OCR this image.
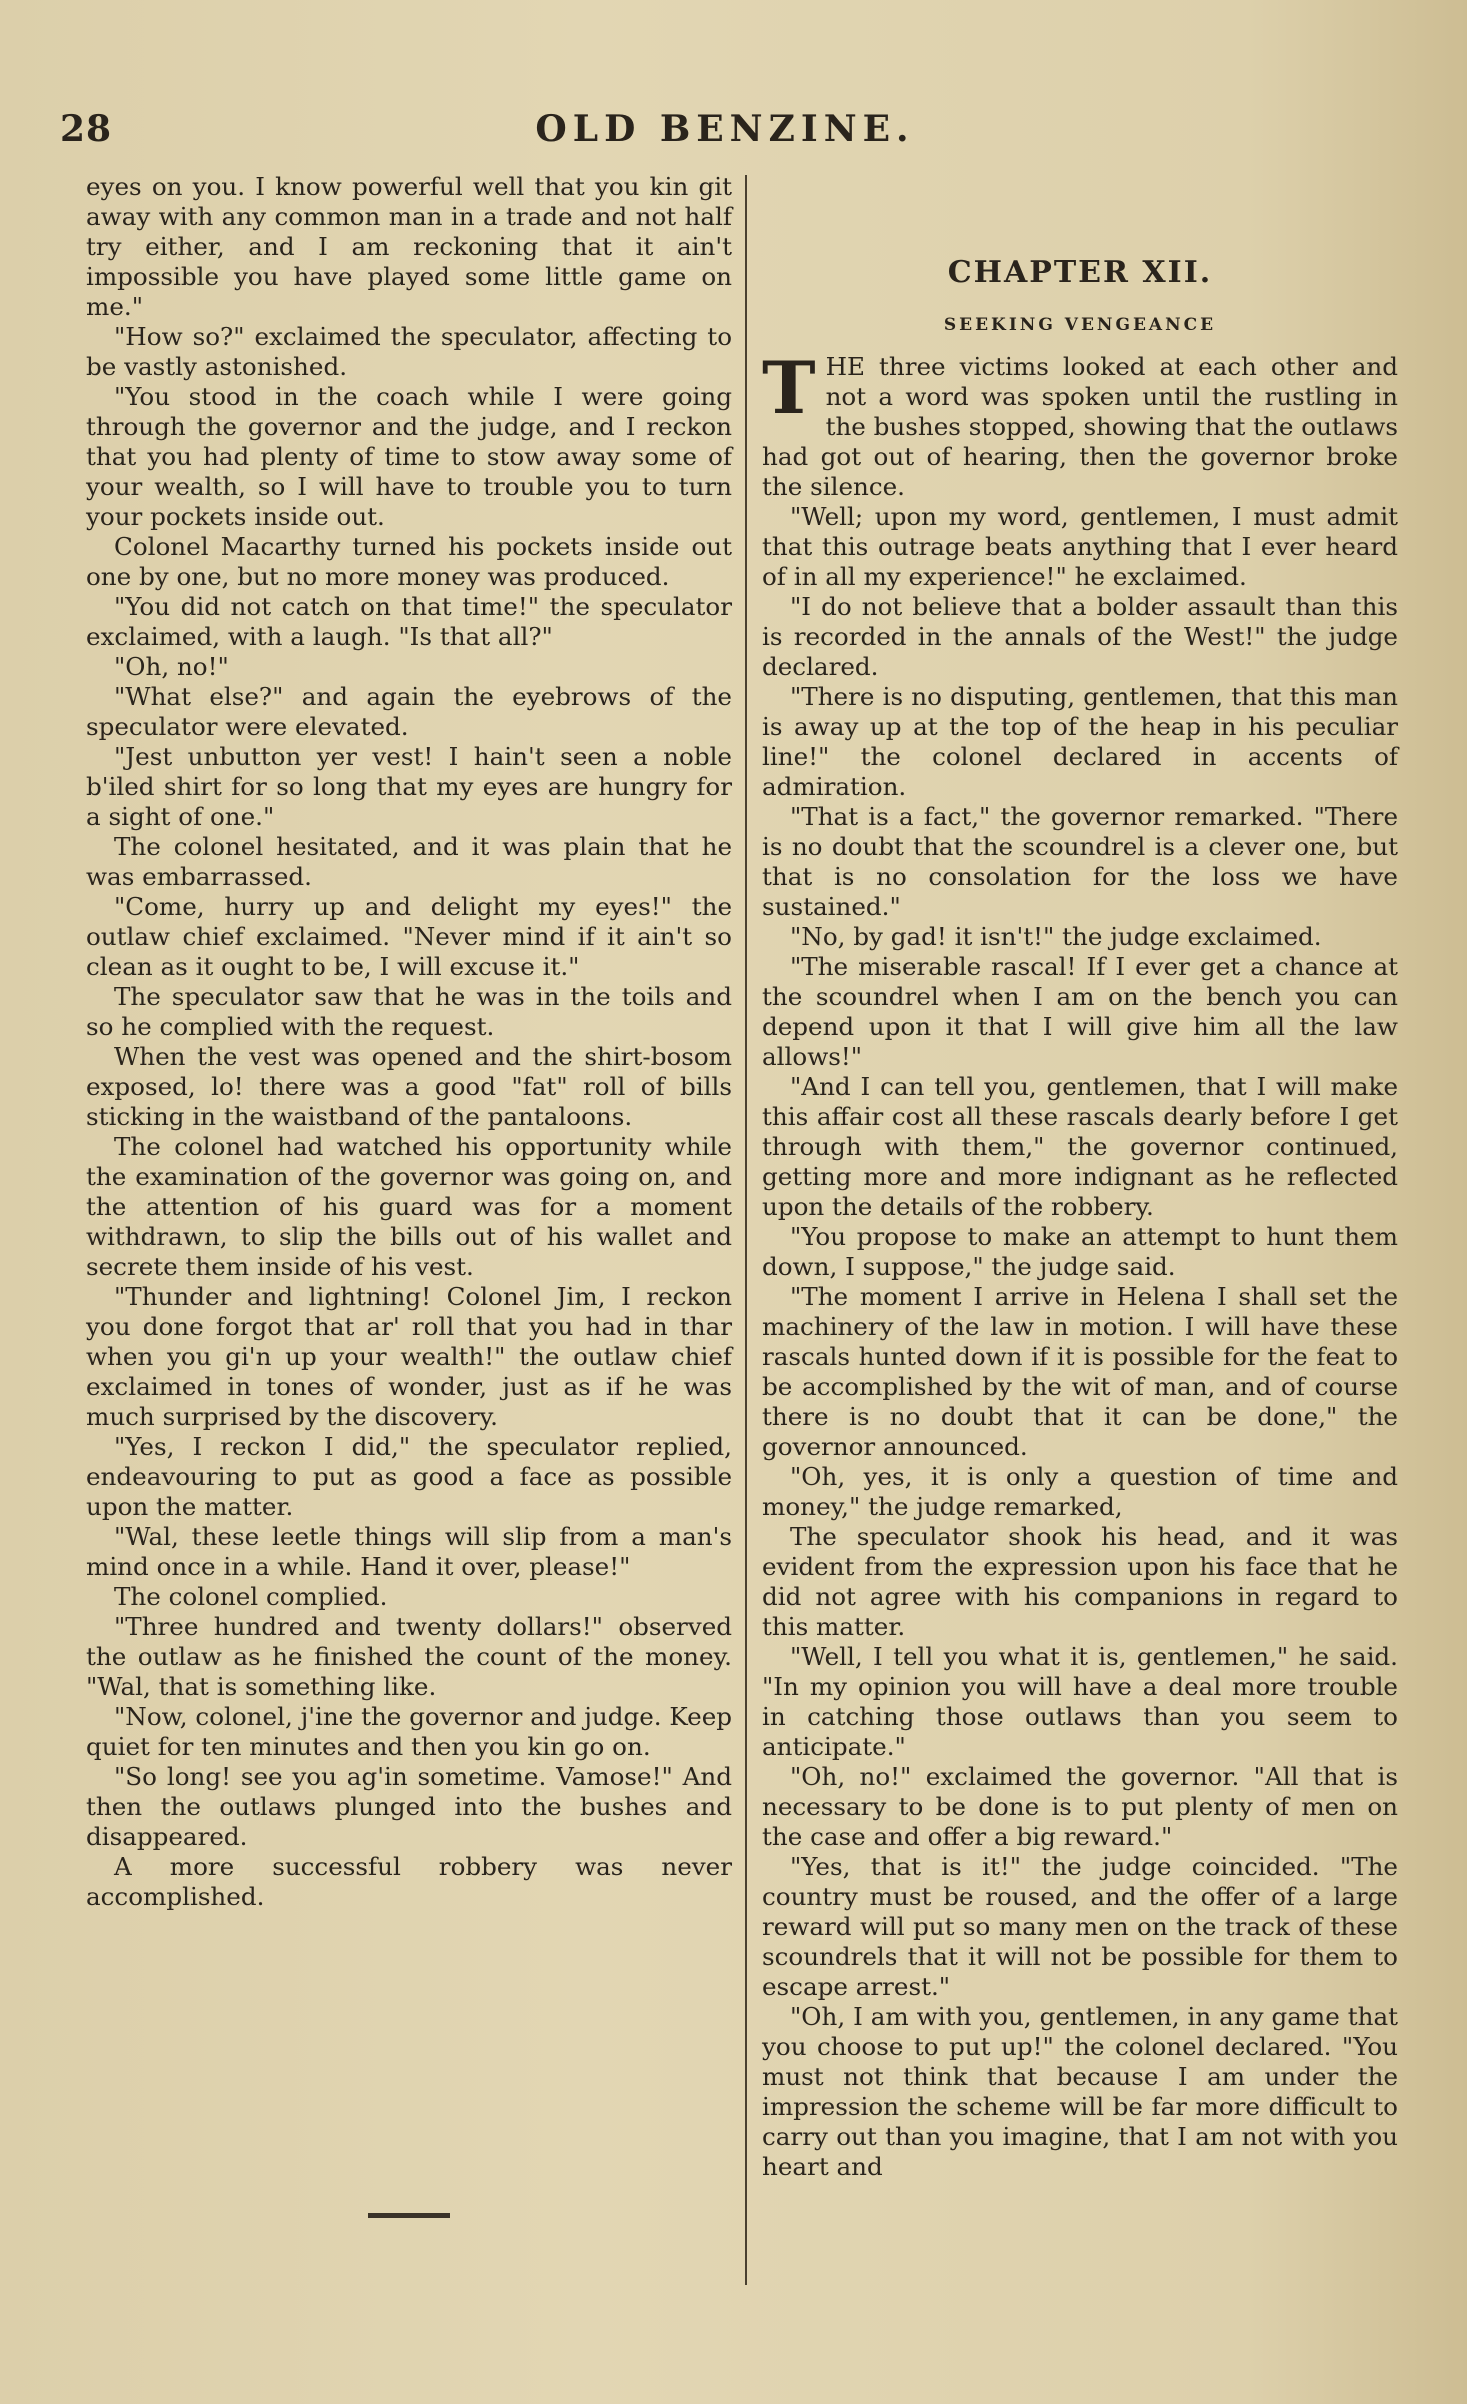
28	OLD BENZINE.

eyes on you. I know powerful well that you kin git away with any common man in a trade and not half try either, and I am reckoning that it ain't impossible you have played some little game on me."

"How so?" exclaimed the speculator, affecting to be vastly astonished.

"You stood in the coach while I were going through the governor and the judge, and I reckon that you had plenty of time to stow away some of your wealth, so I will have to trouble you to turn your pockets inside out.

Colonel Macarthy turned his pockets inside out one by one, but no more money was produced.

"You did not catch on that time!" the speculator exclaimed, with a laugh. "Is that all?"

"Oh, no!"

"What else?" and again the eyebrows of the speculator were elevated.

"Jest unbutton yer vest! I hain't seen a noble b'iled shirt for so long that my eyes are hungry for a sight of one."

The colonel hesitated, and it was plain that he was embarrassed.

"Come, hurry up and delight my eyes!" the outlaw chief exclaimed. "Never mind if it ain't so clean as it ought to be, I will excuse it."

The speculator saw that he was in the toils and so he complied with the request.

When the vest was opened and the shirt-bosom exposed, lo! there was a good "fat" roll of bills sticking in the waistband of the pantaloons.

The colonel had watched his opportunity while the examination of the governor was going on, and the attention of his guard was for a moment withdrawn, to slip the bills out of his wallet and secrete them inside of his vest.

"Thunder and lightning! Colonel Jim, I reckon you done forgot that ar' roll that you had in thar when you gi'n up your wealth!" the outlaw chief exclaimed in tones of wonder, just as if he was much surprised by the discovery.

"Yes, I reckon I did," the speculator replied, endeavouring to put as good a face as possible upon the matter.

"Wal, these leetle things will slip from a man's mind once in a while. Hand it over, please!"

The colonel complied.

"Three hundred and twenty dollars!" observed the outlaw as he finished the count of the money. "Wal, that is something like.

"Now, colonel, j'ine the governor and judge. Keep quiet for ten minutes and then you kin go on.

"So long! see you ag'in sometime. Vamose!" And then the outlaws plunged into the bushes and disappeared.

A more successful robbery was never accomplished.

CHAPTER XII.
SEEKING VENGEANCE

THE three victims looked at each other and not a word was spoken until the rustling in the bushes stopped, showing that the outlaws had got out of hearing, then the governor broke the silence.

"Well; upon my word, gentlemen, I must admit that this outrage beats anything that I ever heard of in all my experience!" he exclaimed.

"I do not believe that a bolder assault than this is recorded in the annals of the West!" the judge declared.

"There is no disputing, gentlemen, that this man is away up at the top of the heap in his peculiar line!" the colonel declared in accents of admiration.

"That is a fact," the governor remarked. "There is no doubt that the scoundrel is a clever one, but that is no consolation for the loss we have sustained."

"No, by gad! it isn't!" the judge exclaimed.

"The miserable rascal! If I ever get a chance at the scoundrel when I am on the bench you can depend upon it that I will give him all the law allows!"

"And I can tell you, gentlemen, that I will make this affair cost all these rascals dearly before I get through with them," the governor continued, getting more and more indignant as he reflected upon the details of the robbery.

"You propose to make an attempt to hunt them down, I suppose," the judge said.

"The moment I arrive in Helena I shall set the machinery of the law in motion. I will have these rascals hunted down if it is possible for the feat to be accomplished by the wit of man, and of course there is no doubt that it can be done," the governor announced.

"Oh, yes, it is only a question of time and money," the judge remarked,

The speculator shook his head, and it was evident from the expression upon his face that he did not agree with his companions in regard to this matter.

"Well, I tell you what it is, gentlemen," he said. "In my opinion you will have a deal more trouble in catching those outlaws than you seem to anticipate."

"Oh, no!" exclaimed the governor. "All that is necessary to be done is to put plenty of men on the case and offer a big reward."

"Yes, that is it!" the judge coincided. "The country must be roused, and the offer of a large reward will put so many men on the track of these scoundrels that it will not be possible for them to escape arrest."

"Oh, I am with you, gentlemen, in any game that you choose to put up!" the colonel declared. "You must not think that because I am under the impression the scheme will be far more difficult to carry out than you imagine, that I am not with you heart and
